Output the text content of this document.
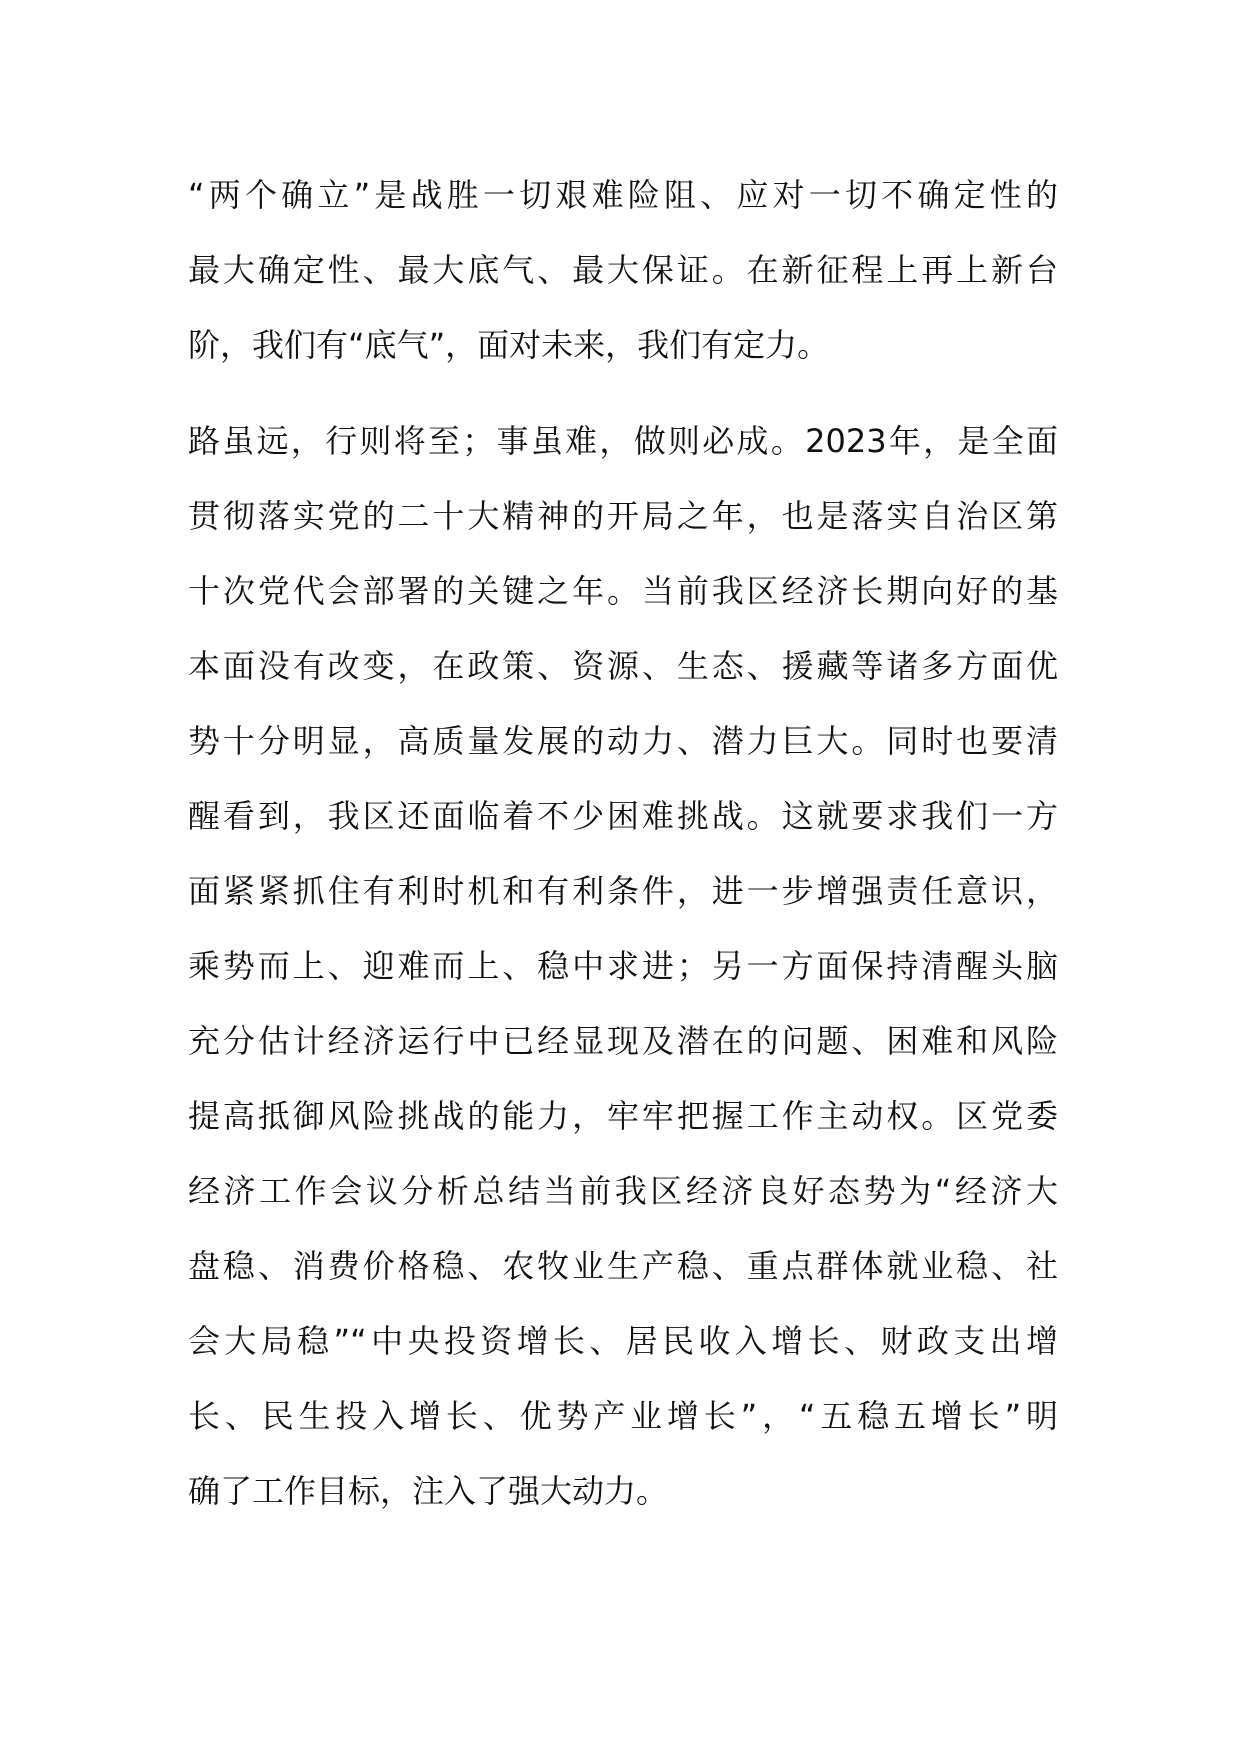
“两个确立”是战胜一切艰难险阻、应对一切不确定性的
最大确定性、最大底气、最大保证。在新征程上再上新台
阶，我们有“底气”，面对未来，我们有定力。
路虽远，行则将至；事虽难，做则必成。2023年，是全面
贯彻落实党的二十大精神的开局之年，也是落实自治区第
十次党代会部署的关键之年。当前我区经济长期向好的基
本面没有改变，在政策、资源、生态、援藏等诸多方面优
势十分明显，高质量发展的动力、潜力巨大。同时也要清
醒看到，我区还面临着不少困难挑战。这就要求我们一方
面紧紧抓住有利时机和有利条件，进一步增强责任意识，
乘势而上、迎难而上、稳中求进；另一方面保持清醒头脑
充分估计经济运行中已经显现及潜在的问题、困难和风险
提高抵御风险挑战的能力，牢牢把握工作主动权。区党委
经济工作会议分析总结当前我区经济良好态势为“经济大
盘稳、消费价格稳、农牧业生产稳、重点群体就业稳、社
会大局稳”“中央投资增长、居民收入增长、财政支出增
长、民生投入增长、优势产业增长”，“五稳五增长”明
确了工作目标，注入了强大动力。
